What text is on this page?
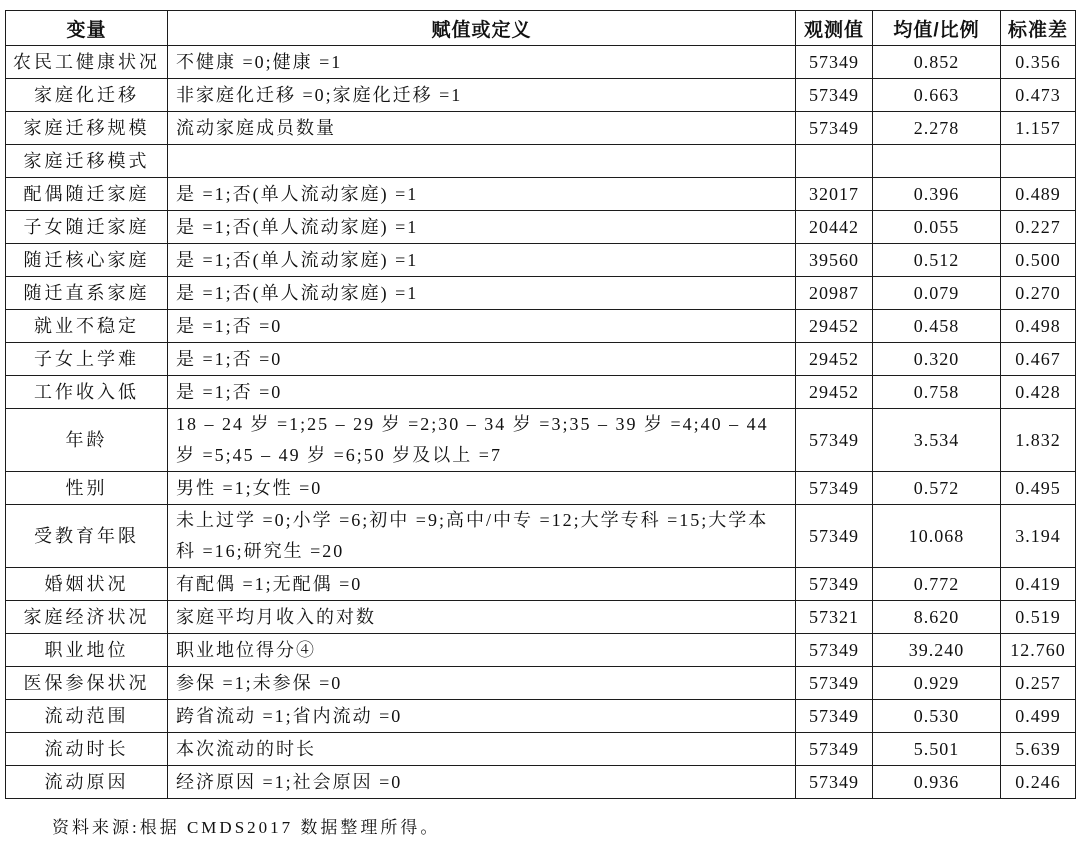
变量	赋值或定义	观测值	均值/比例	标准差
农民工健康状况	不健康 =0;健康 =1	57349	0.852	0.356
家庭化迁移	非家庭化迁移 =0;家庭化迁移 =1	57349	0.663	0.473
家庭迁移规模	流动家庭成员数量	57349	2.278	1.157
家庭迁移模式				
配偶随迁家庭	是 =1;否(单人流动家庭) =1	32017	0.396	0.489
子女随迁家庭	是 =1;否(单人流动家庭) =1	20442	0.055	0.227
随迁核心家庭	是 =1;否(单人流动家庭) =1	39560	0.512	0.500
随迁直系家庭	是 =1;否(单人流动家庭) =1	20987	0.079	0.270
就业不稳定	是 =1;否 =0	29452	0.458	0.498
子女上学难	是 =1;否 =0	29452	0.320	0.467
工作收入低	是 =1;否 =0	29452	0.758	0.428
年龄	18 – 24 岁 =1;25 – 29 岁 =2;30 – 34 岁 =3;35 – 39 岁 =4;40 – 44 岁 =5;45 – 49 岁 =6;50 岁及以上 =7	57349	3.534	1.832
性别	男性 =1;女性 =0	57349	0.572	0.495
受教育年限	未上过学 =0;小学 =6;初中 =9;高中/中专 =12;大学专科 =15;大学本科 =16;研究生 =20	57349	10.068	3.194
婚姻状况	有配偶 =1;无配偶 =0	57349	0.772	0.419
家庭经济状况	家庭平均月收入的对数	57321	8.620	0.519
职业地位	职业地位得分④	57349	39.240	12.760
医保参保状况	参保 =1;未参保 =0	57349	0.929	0.257
流动范围	跨省流动 =1;省内流动 =0	57349	0.530	0.499
流动时长	本次流动的时长	57349	5.501	5.639
流动原因	经济原因 =1;社会原因 =0	57349	0.936	0.246
资料来源:根据 CMDS2017 数据整理所得。
